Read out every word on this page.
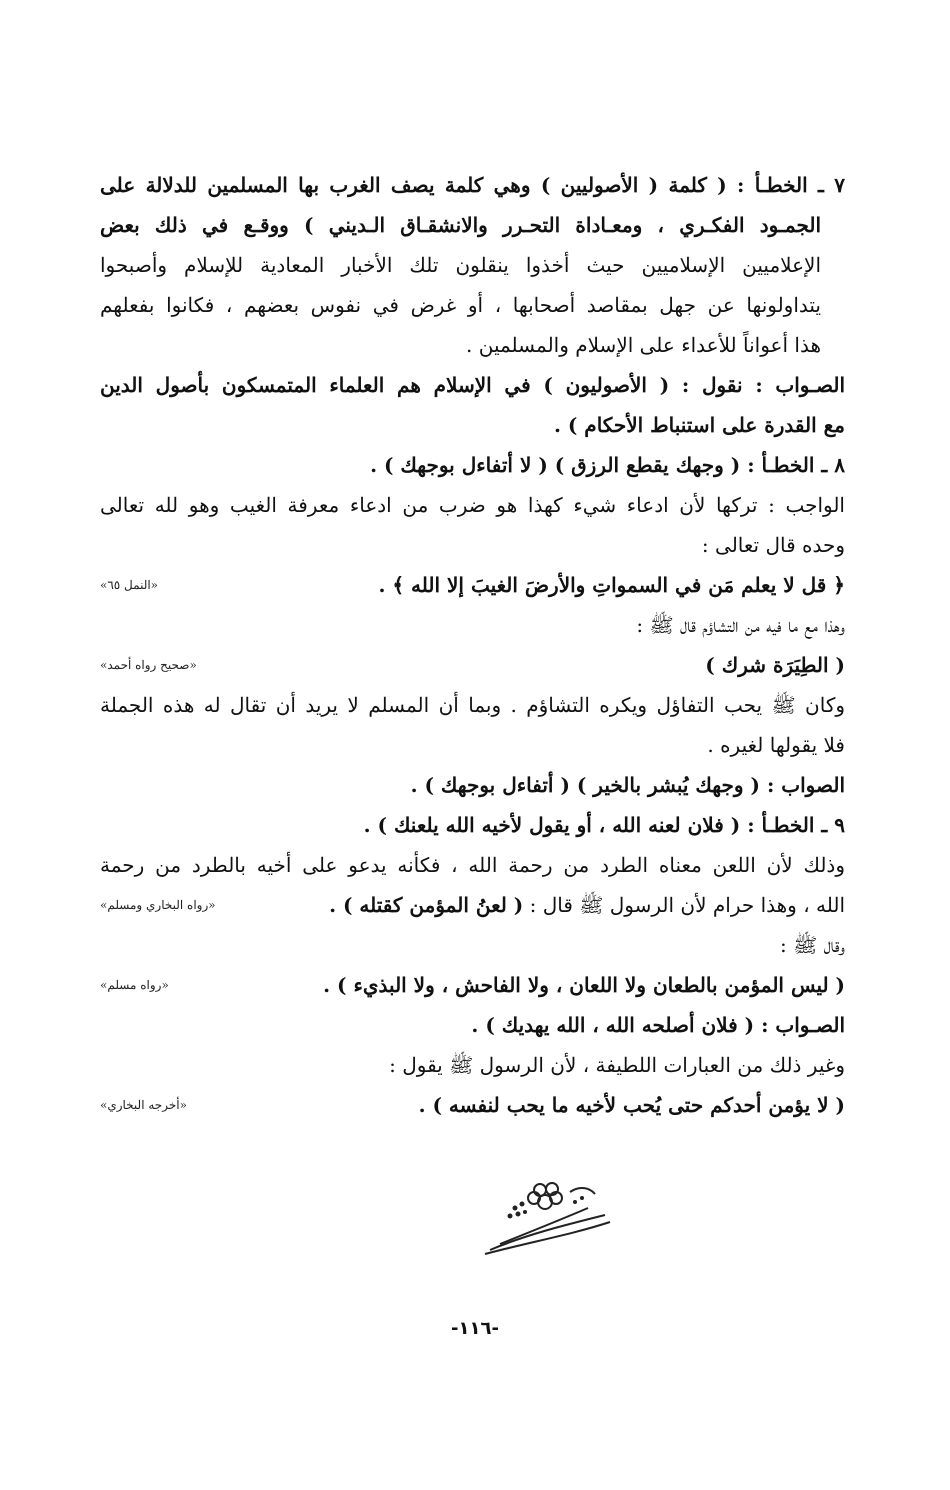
٧ ـ الخطـأ : ( كلمة ( الأصوليين ) وهي كلمة يصف الغرب بها المسلمين للدلالة على
الجمـود الفكـري ، ومعـاداة التحـرر والانشقـاق الـديني ) ووقـع في ذلك بعض
الإعلاميين الإسلاميين حيث أخذوا ينقلون تلك الأخبار المعادية للإسلام وأصبحوا
يتداولونها عن جهل بمقاصد أصحابها ، أو غرض في نفوس بعضهم ، فكانوا بفعلهم
هذا أعواناً للأعداء على الإسلام والمسلمين .
الصـواب : نقول : ( الأصوليون ) في الإسلام هم العلماء المتمسكون بأصول الدين
مع القدرة على استنباط الأحكام ) .
٨ ـ الخطـأ : ( وجهك يقطع الرزق ) ( لا أتفاءل بوجهك ) .
الواجب : تركها لأن ادعاء شيء كهذا هو ضرب من ادعاء معرفة الغيب وهو لله تعالى
وحده قال تعالى :
﴿ قل لا يعلم مَن في السمواتِ والأرضَ الغيبَ إلا الله ﴾ .
«النمل ٦٥»
وهذا مع ما فيه من التشاؤم قال ﷺ :
( الطِيَرَة شرك )
«صحيح رواه أحمد»
وكان ﷺ يحب التفاؤل ويكره التشاؤم . وبما أن المسلم لا يريد أن تقال له هذه الجملة
فلا يقولها لغيره .
الصواب : ( وجهك يُبشر بالخير ) ( أتفاءل بوجهك ) .
٩ ـ الخطـأ : ( فلان لعنه الله ، أو يقول لأخيه الله يلعنك ) .
وذلك لأن اللعن معناه الطرد من رحمة الله ، فكأنه يدعو على أخيه بالطرد من رحمة
الله ، وهذا حرام لأن الرسول ﷺ قال : ( لعنُ المؤمن كقتله ) .
«رواه البخاري ومسلم»
وقال ﷺ :
( ليس المؤمن بالطعان ولا اللعان ، ولا الفاحش ، ولا البذيء ) .
«رواه مسلم»
الصـواب : ( فلان أصلحه الله ، الله يهديك ) .
وغير ذلك من العبارات اللطيفة ، لأن الرسول ﷺ يقول :
( لا يؤمن أحدكم حتى يُحب لأخيه ما يحب لنفسه ) .
«أخرجه البخاري»
-١١٦-
